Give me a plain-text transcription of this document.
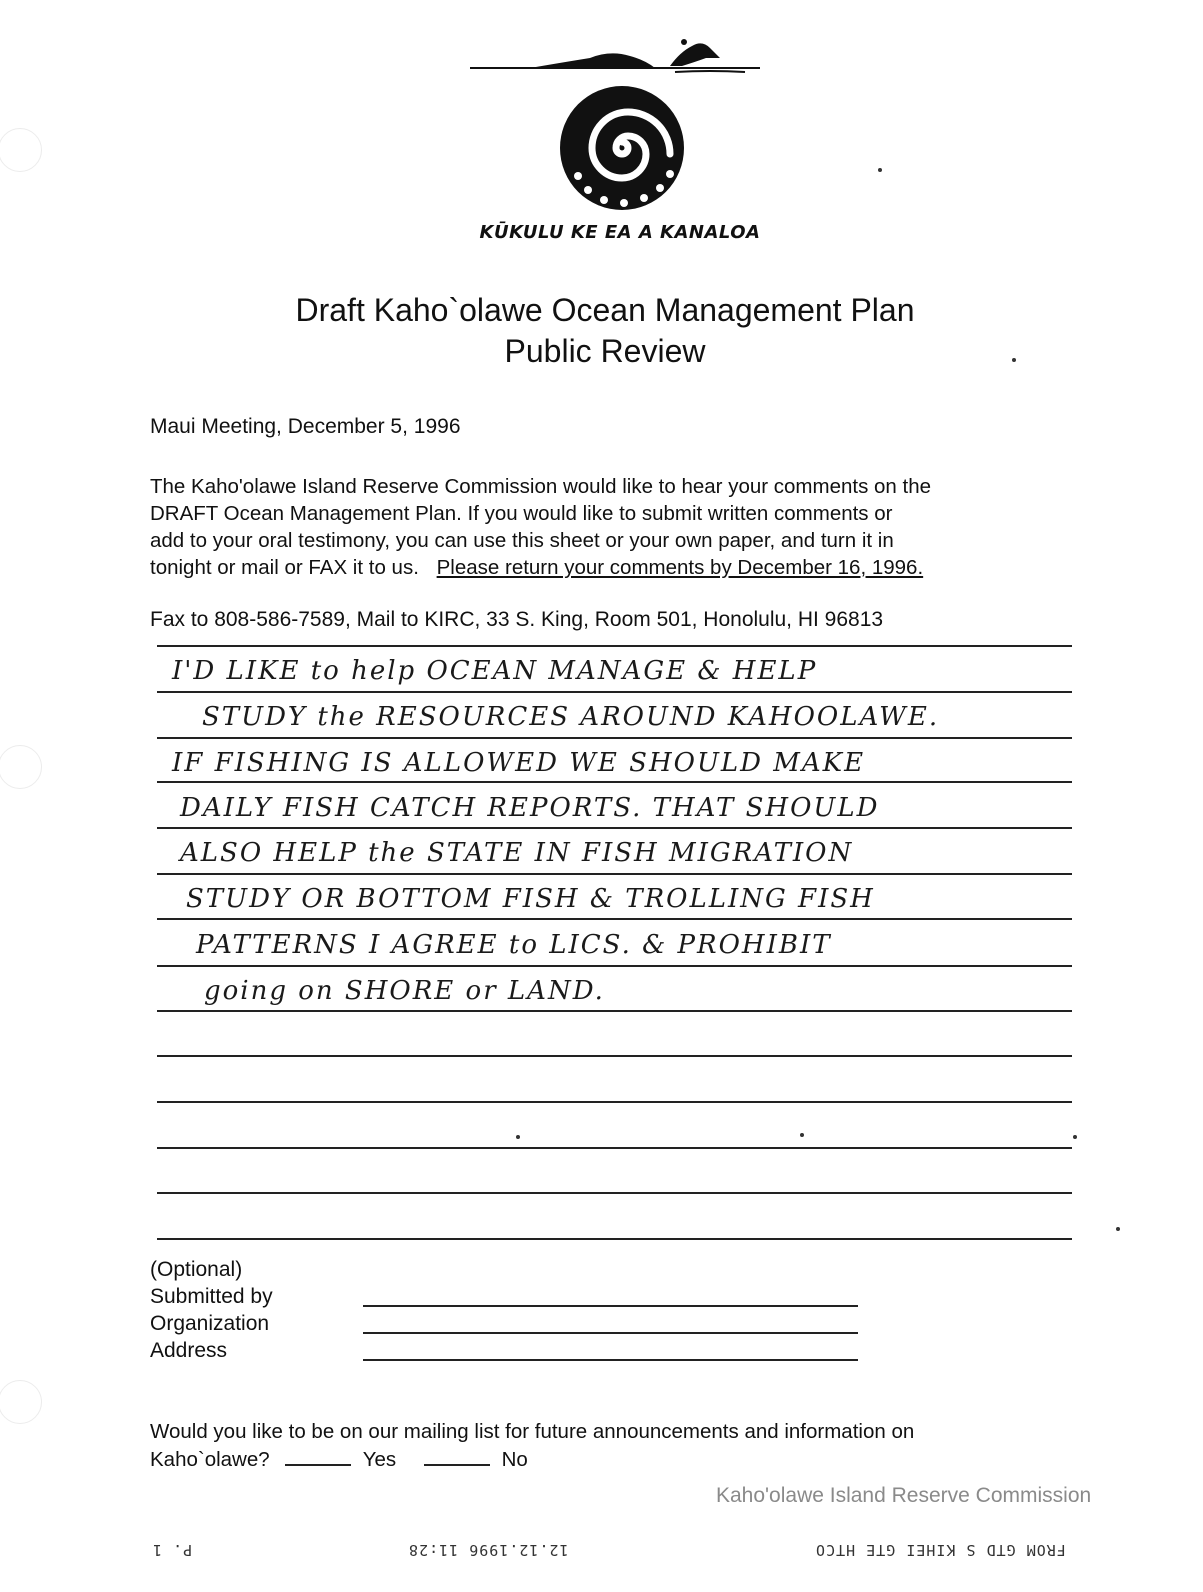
KŪKULU KE EA A KANALOA
Draft Kaho`olawe Ocean Management Plan
Public Review
Maui Meeting, December 5, 1996
The Kaho'olawe Island Reserve Commission would like to hear your comments on the
DRAFT Ocean Management Plan. If you would like to submit written comments or
add to your oral testimony, you can use this sheet or your own paper, and turn it in
tonight or mail or FAX it to us. Please return your comments by December 16, 1996.
Fax to 808-586-7589, Mail to KIRC, 33 S. King, Room 501, Honolulu, HI 96813
I'D LIKE to help OCEAN MANAGE & HELP
STUDY the RESOURCES AROUND KAHOOLAWE.
IF FISHING IS ALLOWED WE SHOULD MAKE
DAILY FISH CATCH REPORTS. THAT SHOULD
ALSO HELP the STATE IN FISH MIGRATION
STUDY OR BOTTOM FISH & TROLLING FISH
PATTERNS I AGREE to LICS. & PROHIBIT
going on SHORE or LAND.
(Optional)
Submitted by
Organization
Address
Would you like to be on our mailing list for future announcements and information on
Kaho`olawe?	Yes	No
Kaho'olawe Island Reserve Commission
P. 1	12.12.1996 11:28	FROM GTD S KIHEI GTE HTCO
